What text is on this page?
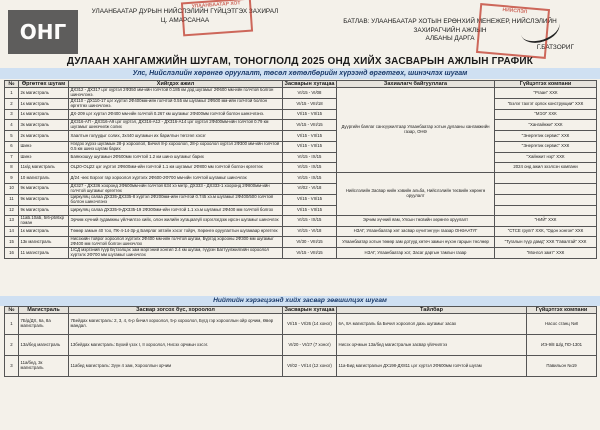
ОНГ
УЛААНБААТАР ДУРЫН НИЙСЛЭЛИЙН ГҮЙЦЭТГЭХ ЗАХИРАЛ
Ц. АМАРСАНАА	БАТЛАВ: УЛААНБААТАР ХОТЫН ЕРӨНХИЙ МЕНЕЖЕР, НИЙСЛЭЛИЙН ЗАХИРАГЧИЙН АЖЛЫН
АЛБАНЫ ДАРГА
Г.БАТЗОРИГ
УЛААНБААТАР ХОТ
НИЙСЛЭЛ
ДУЛААН ХАНГАМЖИЙН ШУГАМ, ТОНОГЛОЛД 2025 ОНД ХИЙХ ЗАСВАРЫН АЖЛЫН ГРАФИК
Улс, Нийслэлийн хөрөнгө оруулалт, төсөл хөтөлбөрийн хүрээнд өргөтгөх, шинэчлэх шугам
№	Өргөтгөх шугам	Хийгдэх ажил	Засварын хугацаа	Захиалагч байгууллага	Гүйцэтгэх компани
1	2к магистраль	ДХ312 - ДХ317 цэг хүртэл 2Ф350 мм-ийн голчтой 0.185 км дэд шугамыг 2Ф600 мм-ийн голчтой болгон шинэчлэнэ.	VI/15 - VI/08	Дүүргийн баялаг санхүүжилтаар Улаанбаатар хотын дулааны хангамжийн газар, ОНӨ	"Ргаан" ХХК
2	1к магистраль	ДХ110 - ДХ110-17 цэг хүртэл 2Ф400мм-ийн голчтой 0.55 км шугамыг 2Ф500 мм-ийн голчтой болгон өргөтгөх шинэчлэнэ.	VI/15 - VIII/18		"Бэлэг тахгэт орлох конструкции" ХХК
3	1к магистраль	ДХ-209 цэг хүртэл 2Ф400 мм-ийн голчтой 0.267 км шугамыг 2Ф400мм голчтой болгон шинэчлэнэ.	VI/15 - VII/15		"МЭЭ" ХХК
4	3к магистраль	ДХ316-АП - ДХ316-А9 цэг хүртэл, ДХ316-А12 - ДХ316-А14 цэг хүртэл 2Ф400мм-ийн голчтой 0.79 км шугамыг шинэчилж солих	VI/15 - VIII/15		"Хангайнжи" ХХК
5	2к магистраль	Хаалтын голуудыг солих, 3х440 шугамын их барилгын төгсгөл хэсэг	VI/15 - VII/15		"Энергетик сервис" ХХК
6	Шинэ	Нэгдэх хүрээ шугамын 28-р хороолол, Бичил 8-р хороолол, 28-р хороолол хүртэл 2Ф300 мм-ийн голчтой 0.5 км шинэ шугам барих	VI/15 - VII/15		"Энергетик сервис" ХХК
7	Шинэ	Баянхошуу шугамын 2Ф500мм голчтой 1.2 км шинэ шугамыг барих	VI/15 - IX/15		"Хайнжит нэр" ХХК
8	11к/д магистраль	ОЦ20-ОЦ22 цэг хүртэл 2Ф600мм-ийн голчтой 1.1 км шугамыг 2Ф800 мм голчтой болгон өргөтгөх	VI/15 - IX/15		2024 онд ажил эхэлсэн компани
9	10 магистраль	Д/24 -өөс Бэрээг гар хороолол хүртэлх 2Ф600-2Ф700 мм-ийн голчтой шугамыг шинэчлэх	VI/15 - IX/15	Нийслэлийн Засвар нийн хэвийн альба, Нийслэлийн төсвийн хөрөнгө оруулалт	
10	9к магистраль	ДХ327 - ДХ336 хооронд 2Ф600мм-ийн голчтой 634 хэ метр, ДХ333 - ДХ333-1 хооронд 2Ф800мм-ийн голчтой шугамыг өргөтгөх	VI/02 - VI/18		
11	9к магистраль	Циркуляц салаа ДХ335-ДХ335-8 хүртэл 2Ф200мм-ийн голчтой 0.745 хэ.м шугамыг 2Ф400/500 голчтой болгон шинэчлэнэ	VI/15 - VII/15		
12	9к магистраль	Циркуляц салаа ДХ335-9-ДХ335-19 2Ф300мм-ийн голчтой 1.1 хэ.м шугамыг 2Ф400 мм голчтой болгох	VI/15 - VII/15		
13	11аБ.10аБ, 5/6-р5/6хр гоман	Эрчим хүчний гудамжны үйлчилгээ хийх, олон жилийн хугацаагүй хэрэглэгдэж ирсэн шугамыг шинэчлэх	VI/15 - IX/15	Эрчим хүчний яам, Улсын төсвийн хөрөнгө оруулалт	"НИЙ" ХХК
14	1к магистраль	Төмөр замын 40 тоо, ПК-4-14-3р-д Баярлаг эвтэйн хэсэг тойрч, Хөрөнгө оруулалтын шугамаар өргөтгөх	VI/15 - VI/18	НЗАГ, Улаанбаатар хөт засвар хүчитэнгүүн гаазар ОНӨААТҮГ	"СТСЕ групп" ХХК, "Одон хонгон" ХХК
15	13к магистраль	Нисэхийн тойрог хороолол хүртэлх 2Ф400 мм-ийн голчтой шугам, Бүргэд хорооны 2Ф300 мм шугамыг 2Ф400 мм голчтой болгон шинэчлэх	VI/30 - VIII/15	Улаанбаатар хотын төмөр зам дотууд хөтөч замын нүхэн гарцын төслөөр	"Тугалын гүүр дамд" ХХК "Гавалтай" ХХК
16	11 магистраль	1/СД мэргэний гүүр Бүтээлцэх зам мэргэний хонгил 2.4 км шугам, гүүрэн Багтуулжилгийн хороолол хүртэлх 2Ф700 мм шугамыг шинэчлэх	VI/15 - VIII/15	НЗАГ, Улаанбаатар хот, Засаг даргын тамгын газар	"Монгол замт" ХХК
Нийтийн хэрэгцээнд хийх засвар зөвшилцэх шугам
№	Магистраль	Засвар зогсох бүс, хороолол	Засварын хугацаа	Тайлбар	Гүйцэтгэх компани
1	7Б/д/ДХ, 6а, 8а магистраль	7Бейдах магистраль: 2, 3, 4, 6-р бичил хороолол, 5-р хороолол, Бүгд гэр хорооллын ойр орчим, Өвөр мандал.	VI/15 - VI/26 (14 хоног)	6А, 8А магистраль ба Бичил хороолол дахь шугамыг засах	Насос станц №8
2	13а/бед магистраль	13бейдах магистраль: Бүхий үзэх I, II хороолол, Нисэх орчмын хэсэг.	VI/20 - VI/27 (7 хоног)	Нисэх орчмын 13а/бед магистралын засвар үйлчилгээ	ИЭ-9/8 Ш/д ПО-1301
3	11а/бед, 3к магистраль	11абед магистраль: Зүүн 4 зам, Хорооллын орчим	VI/02 - VI/14 (12 хоног)	11а-Бид магистралын ДХ198-ДХ811 цэг хүртэл 2Ф600мм голчтой шугам	Павильон №19
